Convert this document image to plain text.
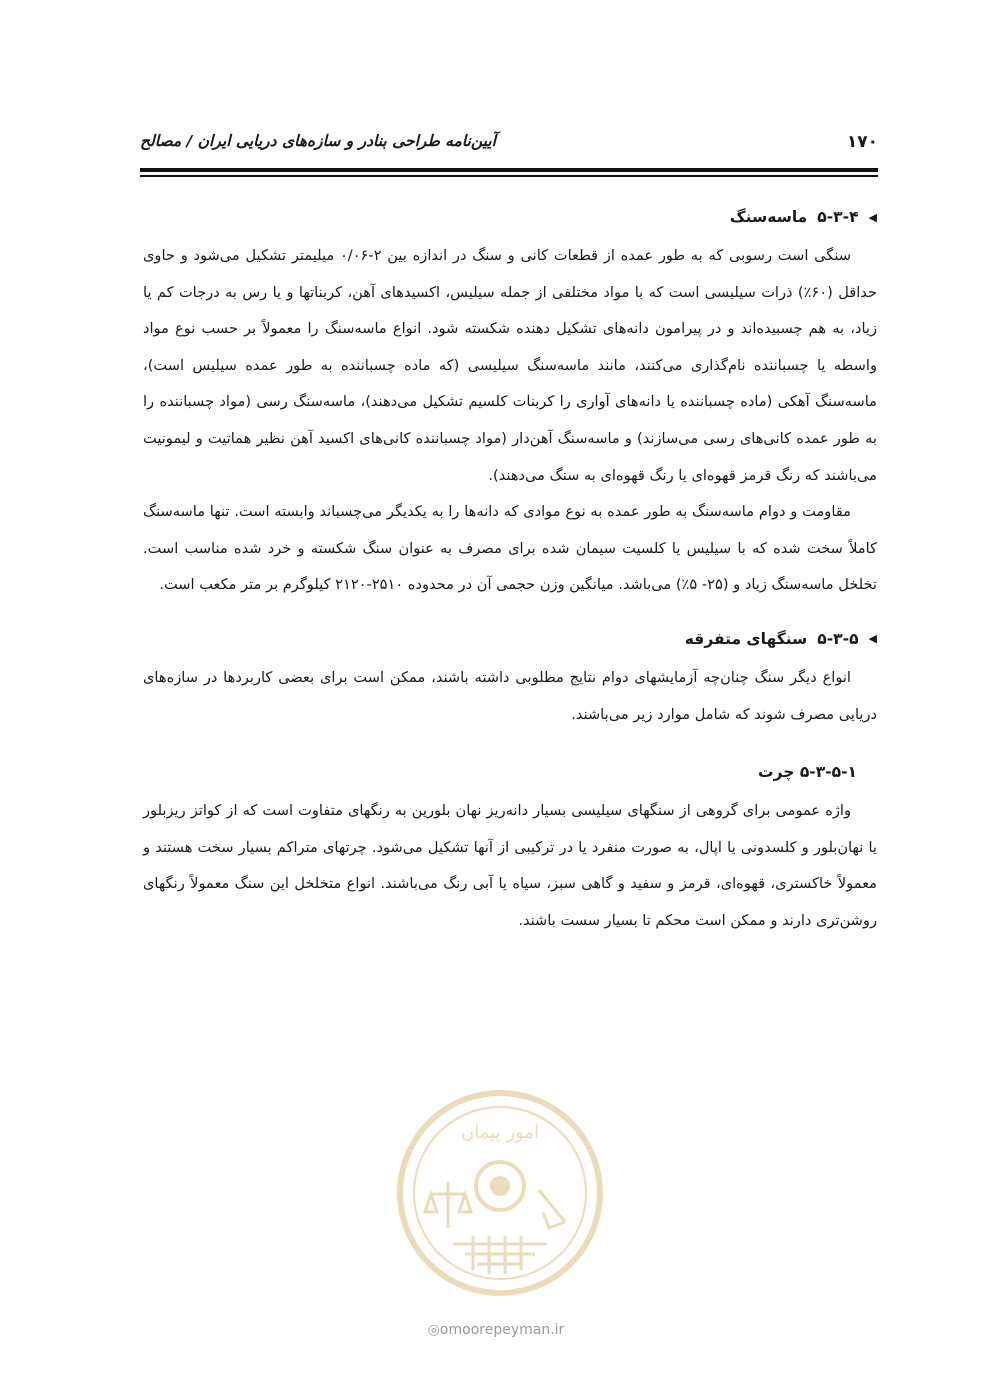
۱۷۰
آیین‌نامه طراحی بنادر و سازه‌های دریایی ایران / مصالح
◀
۵-۳-۴
ماسه‌سنگ

سنگی است رسوبی که به طور عمده از قطعات کانی و سنگ در اندازه بین ۲-۰/۰۶ میلیمتر تشکیل می‌شود و حاوی حداقل (۶۰٪) ذرات سیلیسی است که با مواد مختلفی از جمله سیلیس، اکسیدهای آهن، کربناتها و یا رس به درجات کم یا زیاد، به هم چسبیده‌اند و در پیرامون دانه‌های تشکیل دهنده شکسته شود. انواع ماسه‌سنگ را معمولاً بر حسب نوع مواد واسطه یا چسباننده نام‌گذاری می‌کنند، مانند ماسه‌سنگ سیلیسی (که ماده چسباننده به طور عمده سیلیس است)، ماسه‌سنگ آهکی (ماده چسباننده یا دانه‌های آواری را کربنات کلسیم تشکیل می‌دهند)، ماسه‌سنگ رسی (مواد چسباننده را به طور عمده کانی‌های رسی می‌سازند) و ماسه‌سنگ آهن‌دار (مواد چسباننده کانی‌های اکسید آهن نظیر هماتیت و لیمونیت می‌باشند که رنگ قرمز قهوه‌ای یا رنگ قهوه‌ای به سنگ می‌دهند).

مقاومت و دوام ماسه‌سنگ به طور عمده به نوع موادی که دانه‌ها را به یکدیگر می‌چسباند وابسته است. تنها ماسه‌سنگ کاملاً سخت شده که با سیلیس یا کلسیت سیمان شده برای مصرف به عنوان سنگ شکسته و خرد شده مناسب است. تخلخل ماسه‌سنگ زیاد و (۲۵- ۵٪) می‌باشد. میانگین وزن حجمی آن در محدوده ۲۵۱۰-۲۱۲۰ کیلوگرم بر متر مکعب است.

◀
۵-۳-۵
سنگهای متفرقه

انواع دیگر سنگ چنان‌چه آزمایشهای دوام نتایج مطلوبی داشته باشند، ممکن است برای بعضی کاربردها در سازه‌های دریایی مصرف شوند که شامل موارد زیر می‌باشند.

۵-۳-۵-۱ چرت

واژه عمومی برای گروهی از سنگهای سیلیسی بسیار دانه‌ریز نهان بلورین به رنگهای متفاوت است که از کواتز ریزبلور یا نهان‌بلور و کلسدونی یا اپال، به صورت منفرد یا در ترکیبی از آنها تشکیل می‌شود. چرتهای متراکم بسیار سخت هستند و معمولاً خاکستری، قهوه‌ای، قرمز و سفید و گاهی سبز، سیاه یا آبی رنگ می‌باشند. انواع متخلخل این سنگ معمولاً رنگهای روشن‌تری دارند و ممکن است محکم تا بسیار سست باشند.

امور پیمان
◎omoorepeyman.ir
